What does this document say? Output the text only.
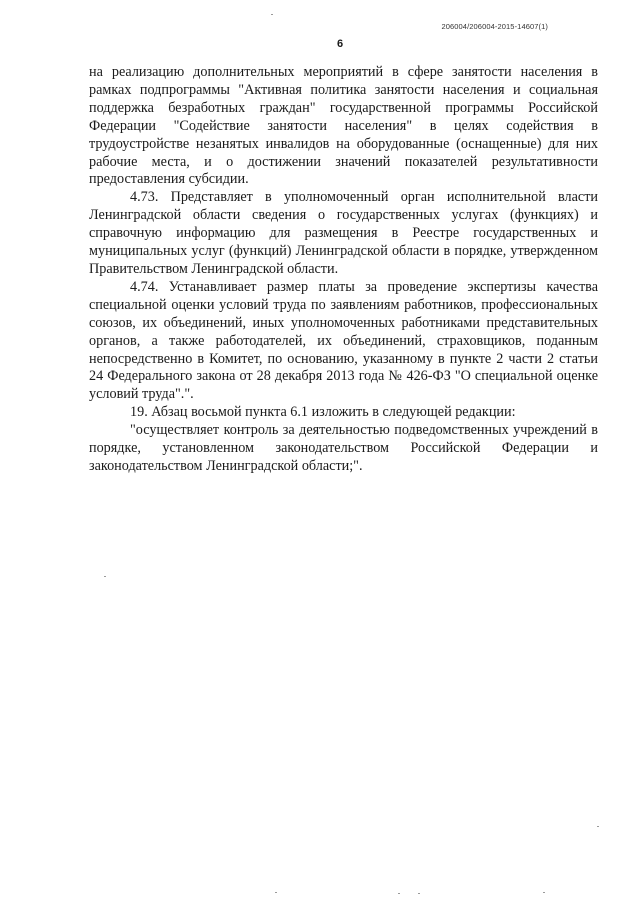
206004/206004-2015-14607(1)
6

на реализацию дополнительных мероприятий в сфере занятости населения в рамках подпрограммы "Активная политика занятости населения и социальная поддержка безработных граждан" государственной программы Российской Федерации "Содействие занятости населения" в целях содействия в трудоустройстве незанятых инвалидов на оборудованные (оснащенные) для них рабочие места, и о достижении значений показателей результативности предоставления субсидии.

4.73. Представляет в уполномоченный орган исполнительной власти Ленинградской области сведения о государственных услугах (функциях) и справочную информацию для размещения в Реестре государственных и муниципальных услуг (функций) Ленинградской области в порядке, утвержденном Правительством Ленинградской области.

4.74. Устанавливает размер платы за проведение экспертизы качества специальной оценки условий труда по заявлениям работников, профессиональных союзов, их объединений, иных уполномоченных работниками представительных органов, а также работодателей, их объединений, страховщиков, поданным непосредственно в Комитет, по основанию, указанному в пункте 2 части 2 статьи 24 Федерального закона от 28 декабря 2013 года № 426-ФЗ "О специальной оценке условий труда".".

19. Абзац восьмой пункта 6.1 изложить в следующей редакции:

"осуществляет контроль за деятельностью подведомственных учреждений в порядке, установленном законодательством Российской Федерации и законодательством Ленинградской области;".
